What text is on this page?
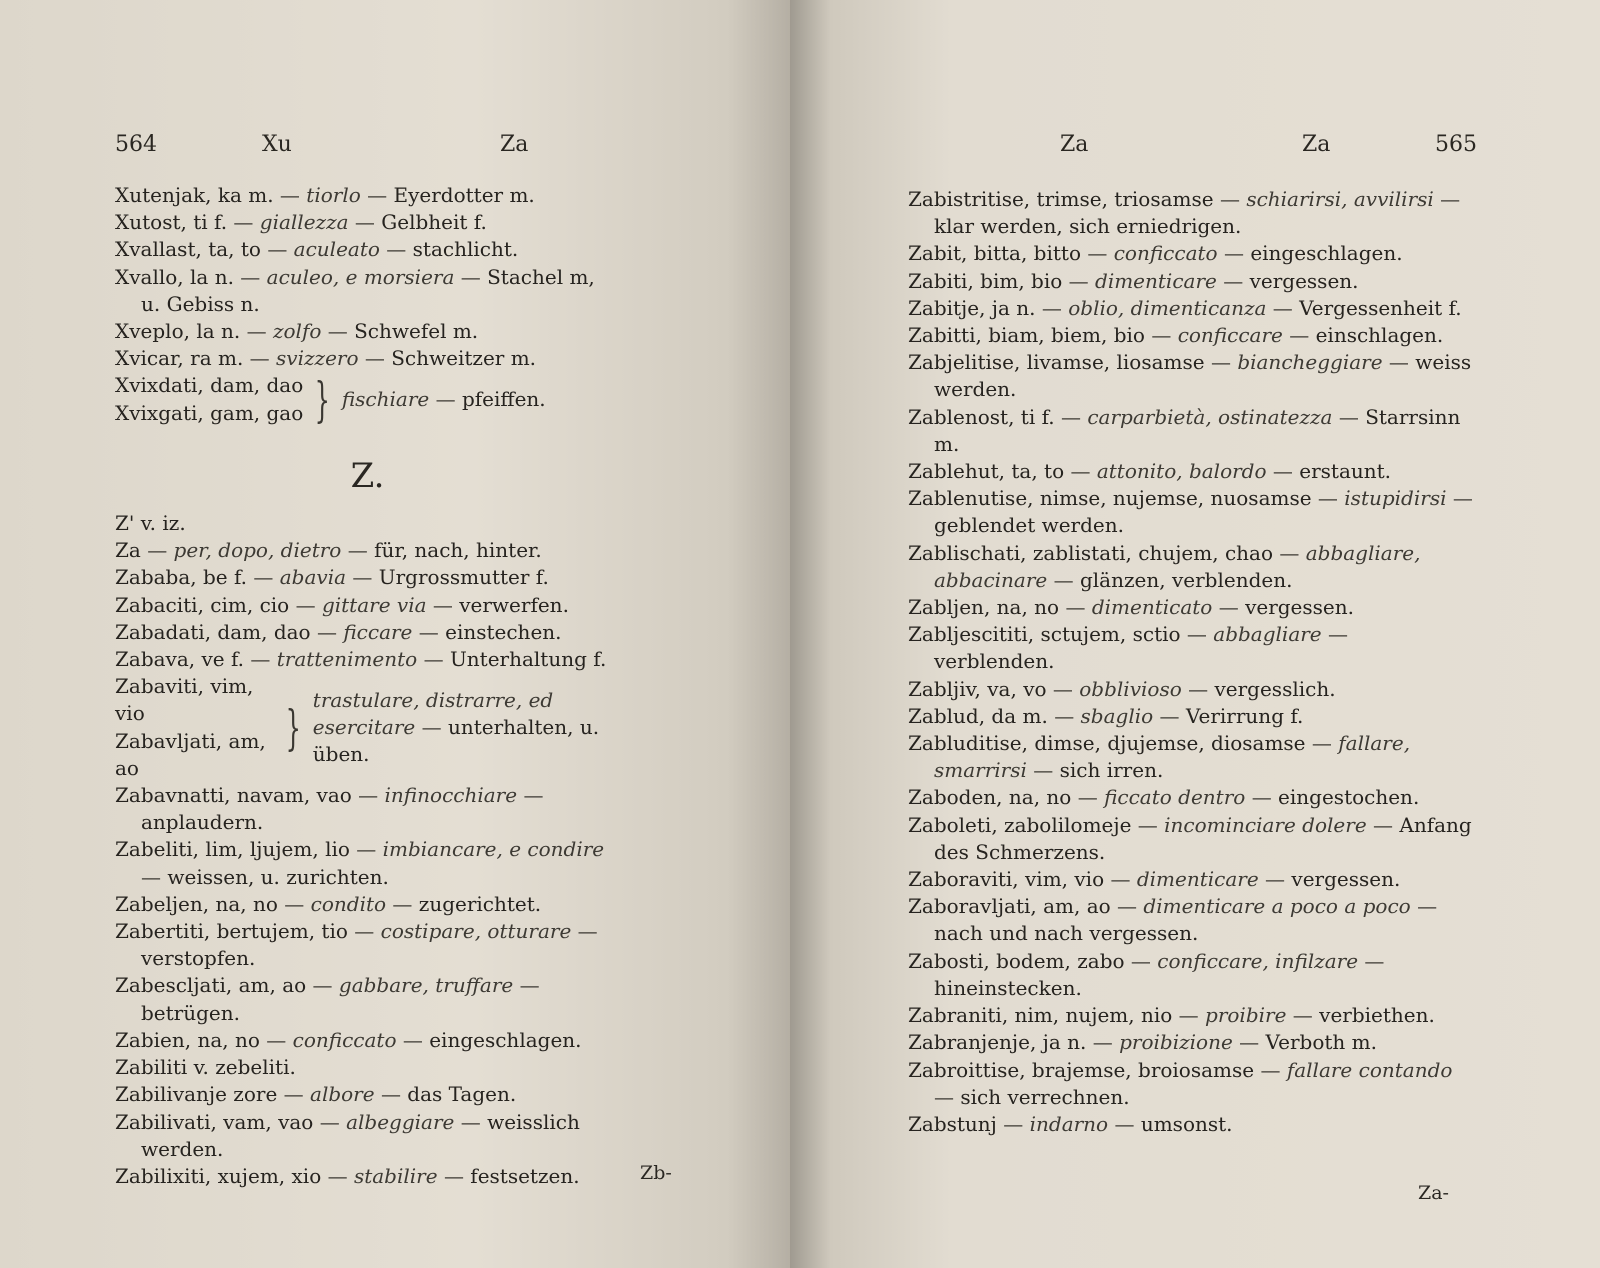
564	Xu	Za

Xutenjak, ka m. — tiorlo — Eyerdotter m.

Xutost, ti f. — giallezza — Gelbheit f.

Xvallast, ta, to — aculeato — stachlicht.

Xvallo, la n. — aculeo, e morsiera — Stachel m, u. Gebiss n.

Xveplo, la n. — zolfo — Schwefel m.

Xvicar, ra m. — svizzero — Schweitzer m.

Xvixdati, dam, dao
Xvixgati, gam, gao } fischiare — pfeiffen.
Z.

Z' v. iz.

Za — per, dopo, dietro — für, nach, hinter.

Zababa, be f. — abavia — Urgrossmutter f.

Zabaciti, cim, cio — gittare via — verwerfen.

Zabadati, dam, dao — ficcare — einstechen.

Zabava, ve f. — trattenimento — Unterhaltung f.

Zabaviti, vim, vio
Zabavljati, am, ao
} trastulare, distrarre, ed
esercitare — unterhalten, u. üben.

Zabavnatti, navam, vao — infinocchiare — anplaudern.

Zabeliti, lim, ljujem, lio — imbiancare, e condire — weissen, u. zurichten.

Zabeljen, na, no — condito — zugerichtet.

Zabertiti, bertujem, tio — costipare, otturare — verstopfen.

Zabescljati, am, ao — gabbare, truffare — betrügen.

Zabien, na, no — conficcato — eingeschlagen.

Zabiliti v. zebeliti.

Zabilivanje zore — albore — das Tagen.

Zabilivati, vam, vao — albeggiare — weisslich werden.

Zabilixiti, xujem, xio — stabilire — festsetzen.	Zb-
Za	Za	565

Zabistritise, trimse, triosamse — schiarirsi, avvilirsi — klar werden, sich erniedrigen.

Zabit, bitta, bitto — conficcato — eingeschlagen.

Zabiti, bim, bio — dimenticare — vergessen.

Zabitje, ja n. — oblio, dimenticanza — Vergessenheit f.

Zabitti, biam, biem, bio — conficcare — einschlagen.

Zabjelitise, livamse, liosamse — biancheggiare — weiss werden.

Zablenost, ti f. — carparbietà, ostinatezza — Starrsinn m.

Zablehut, ta, to — attonito, balordo — erstaunt.

Zablenutise, nimse, nujemse, nuosamse — istupidirsi — geblendet werden.

Zablischati, zablistati, chujem, chao — abbagliare, abbacinare — glänzen, verblenden.

Zabljen, na, no — dimenticato — vergessen.

Zabljescititi, sctujem, sctio — abbagliare — verblenden.

Zabljiv, va, vo — obblivioso — vergesslich.

Zablud, da m. — sbaglio — Verirrung f.

Zabluditise, dimse, djujemse, diosamse — fallare, smarrirsi — sich irren.

Zaboden, na, no — ficcato dentro — eingestochen.

Zaboleti, zabolilomeje — incominciare dolere — Anfang des Schmerzens.

Zaboraviti, vim, vio — dimenticare — vergessen.

Zaboravljati, am, ao — dimenticare a poco a poco — nach und nach vergessen.

Zabosti, bodem, zabo — conficcare, infilzare — hineinstecken.

Zabraniti, nim, nujem, nio — proibire — verbiethen.

Zabranjenje, ja n. — proibizione — Verboth m.

Zabroittise, brajemse, broiosamse — fallare contando — sich verrechnen.

Zabstunj — indarno — umsonst.

Za-
